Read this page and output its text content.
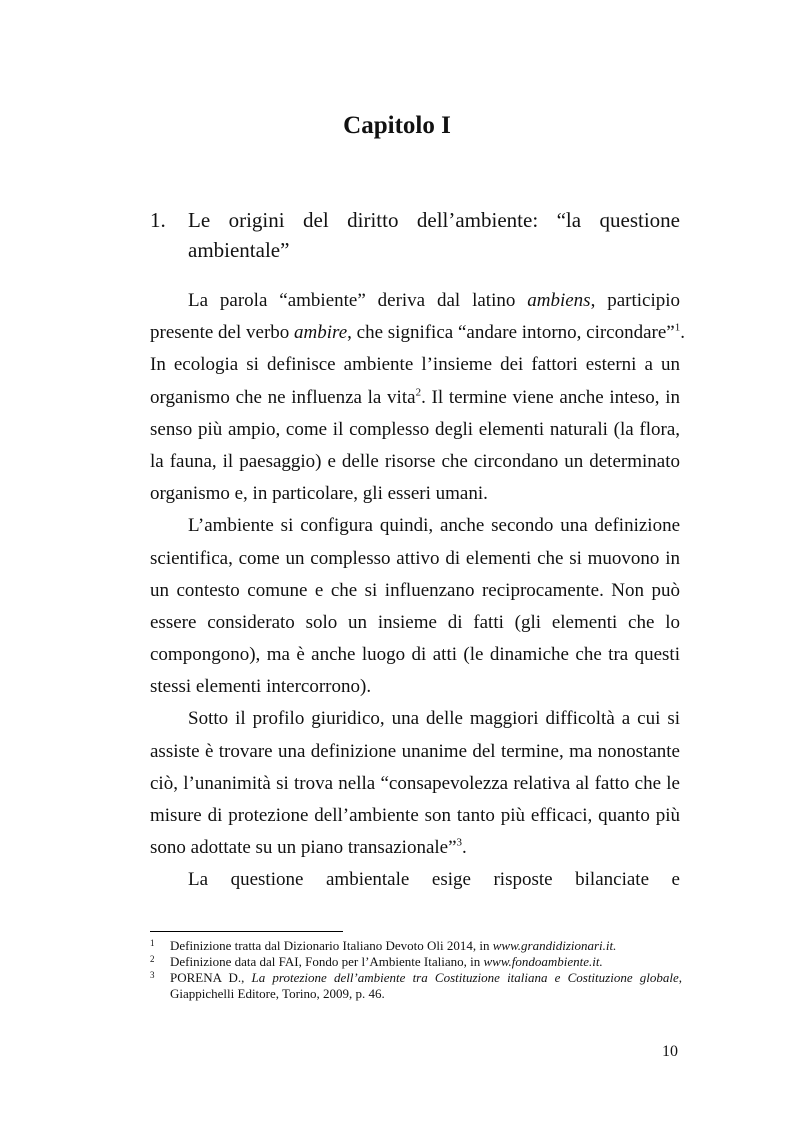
Capitolo I
1. Le origini del diritto dell’ambiente: “la questione ambientale”
La parola “ambiente” deriva dal latino ambiens, participio
presente del verbo ambire, che significa “andare intorno, circondare”$^1$.
In ecologia si definisce ambiente l’insieme dei fattori esterni a un
organismo che ne influenza la vita$^2$. Il termine viene anche inteso, in
senso più ampio, come il complesso degli elementi naturali (la flora,
la fauna, il paesaggio) e delle risorse che circondano un determinato
organismo e, in particolare, gli esseri umani.
L’ambiente si configura quindi, anche secondo una definizione
scientifica, come un complesso attivo di elementi che si muovono in
un contesto comune e che si influenzano reciprocamente. Non può
essere considerato solo un insieme di fatti (gli elementi che lo
compongono), ma è anche luogo di atti (le dinamiche che tra questi
stessi elementi intercorrono).
Sotto il profilo giuridico, una delle maggiori difficoltà a cui si
assiste è trovare una definizione unanime del termine, ma nonostante
ciò, l’unanimità si trova nella “consapevolezza relativa al fatto che le
misure di protezione dell’ambiente son tanto più efficaci, quanto più
sono adottate su un piano transazionale”$^3$.
La questione ambientale esige risposte bilanciate e
1 Definizione tratta dal Dizionario Italiano Devoto Oli 2014, in www.grandidizionari.it.
2 Definizione data dal FAI, Fondo per l’Ambiente Italiano, in www.fondoambiente.it.
3 PORENA D., La protezione dell’ambiente tra Costituzione italiana e Costituzione globale, Giappichelli Editore, Torino, 2009, p. 46.
10
